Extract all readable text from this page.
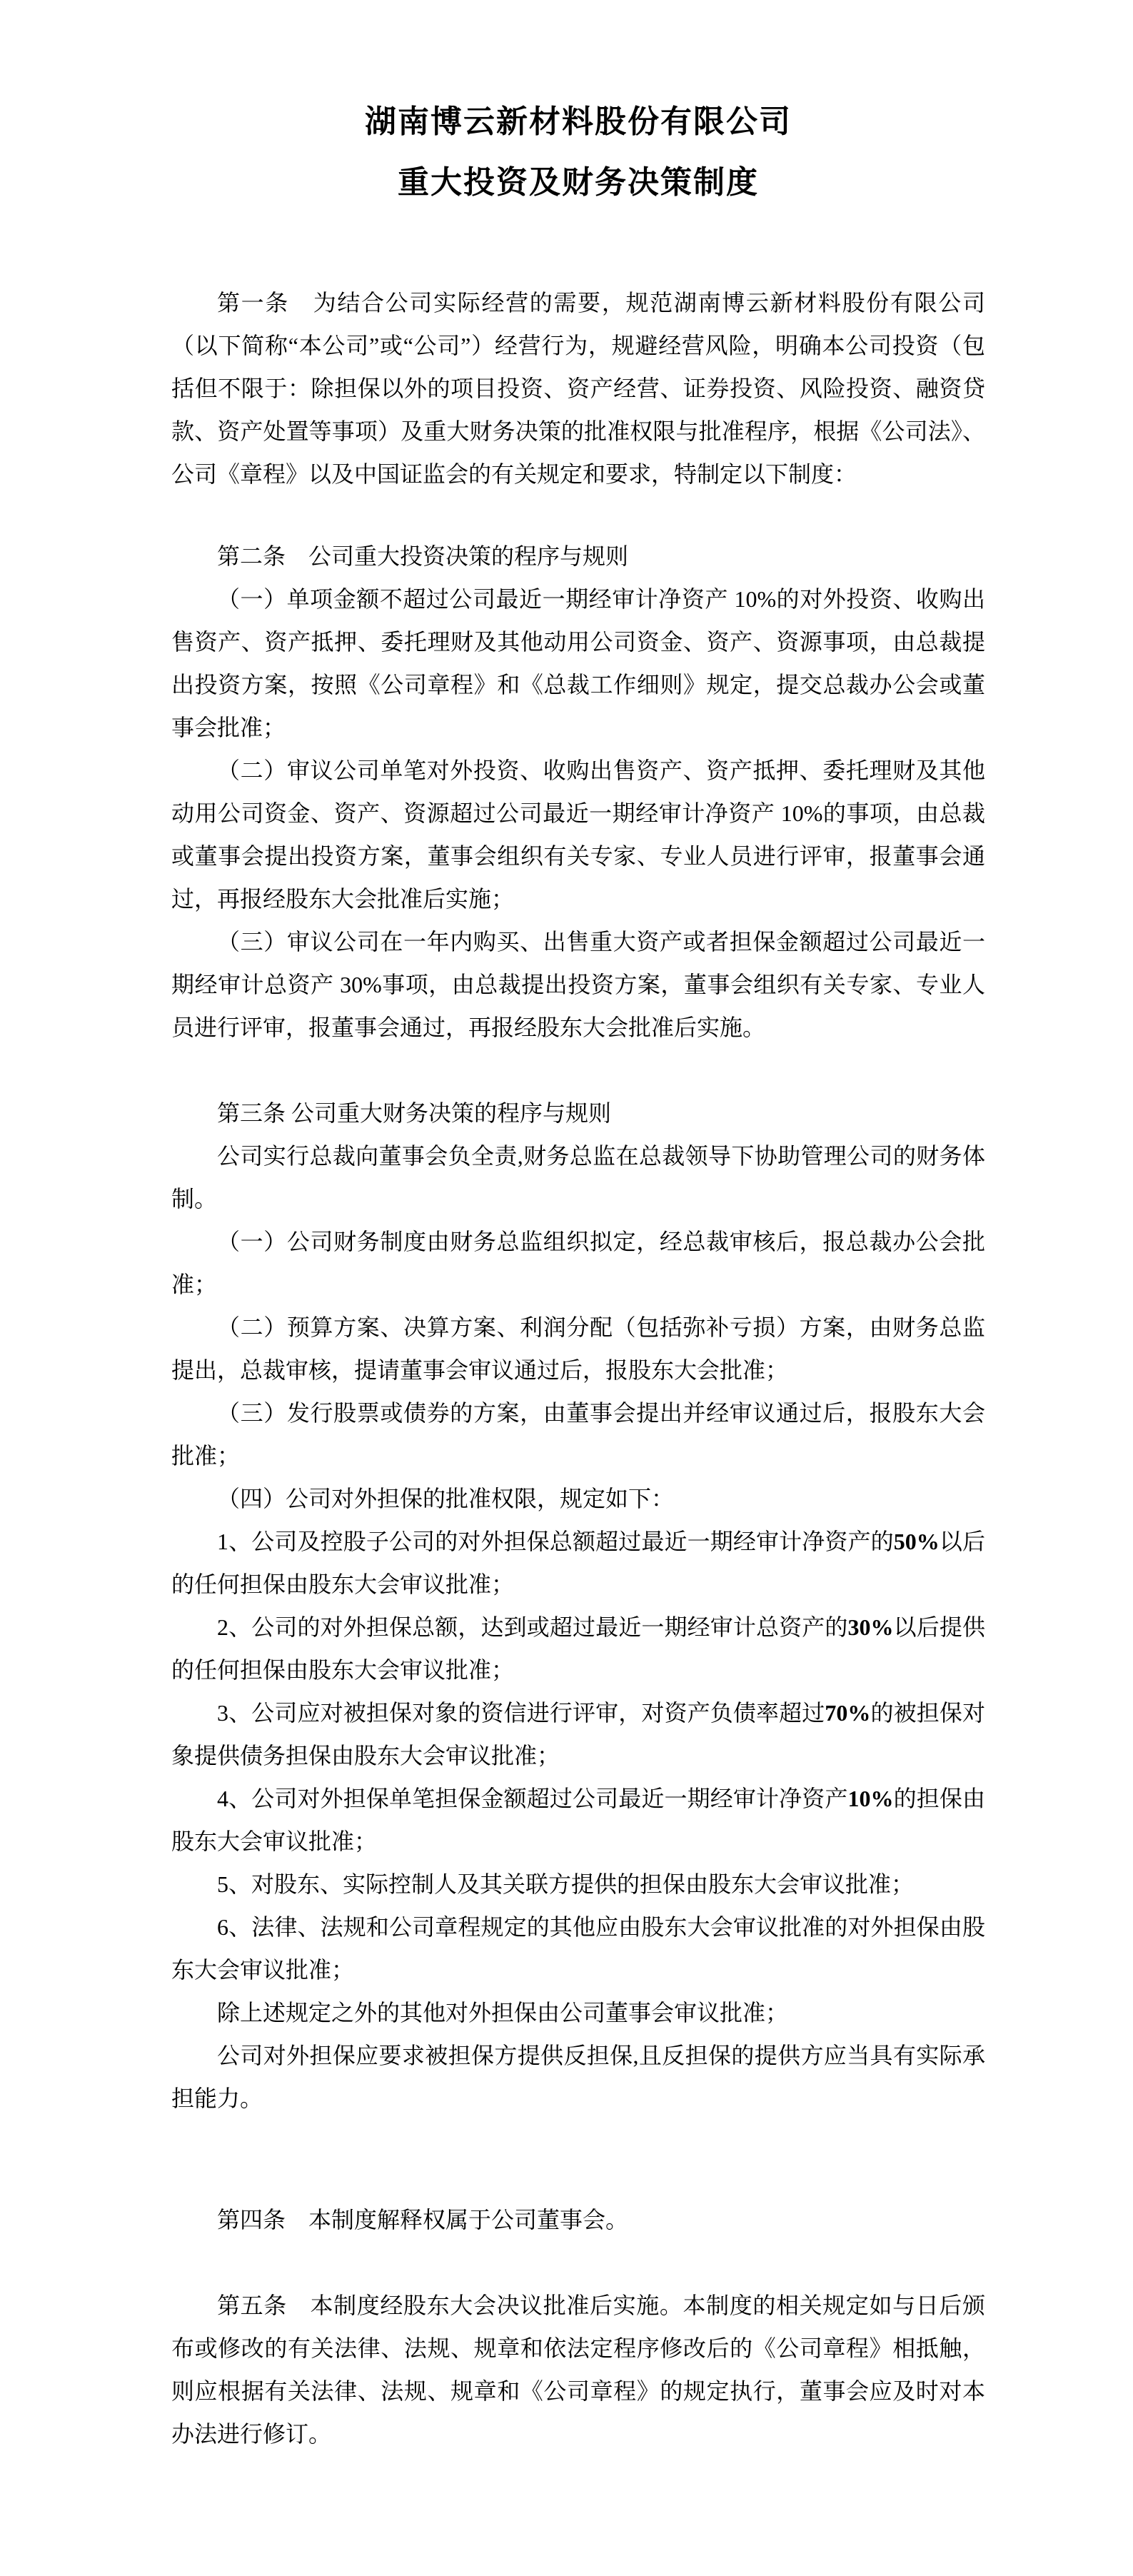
湖南博云新材料股份有限公司
重大投资及财务决策制度

第一条　为结合公司实际经营的需要，规范湖南博云新材料股份有限公司（以下简称“本公司”或“公司”）经营行为，规避经营风险，明确本公司投资（包括但不限于：除担保以外的项目投资、资产经营、证券投资、风险投资、融资贷款、资产处置等事项）及重大财务决策的批准权限与批准程序，根据《公司法》、公司《章程》以及中国证监会的有关规定和要求，特制定以下制度：

第二条　公司重大投资决策的程序与规则

（一）单项金额不超过公司最近一期经审计净资产 10%的对外投资、收购出售资产、资产抵押、委托理财及其他动用公司资金、资产、资源事项，由总裁提出投资方案，按照《公司章程》和《总裁工作细则》规定，提交总裁办公会或董事会批准；

（二）审议公司单笔对外投资、收购出售资产、资产抵押、委托理财及其他动用公司资金、资产、资源超过公司最近一期经审计净资产 10%的事项，由总裁或董事会提出投资方案，董事会组织有关专家、专业人员进行评审，报董事会通过，再报经股东大会批准后实施；

（三）审议公司在一年内购买、出售重大资产或者担保金额超过公司最近一期经审计总资产 30%事项，由总裁提出投资方案，董事会组织有关专家、专业人员进行评审，报董事会通过，再报经股东大会批准后实施。

第三条 公司重大财务决策的程序与规则

公司实行总裁向董事会负全责,财务总监在总裁领导下协助管理公司的财务体制。

（一）公司财务制度由财务总监组织拟定，经总裁审核后，报总裁办公会批准；

（二）预算方案、决算方案、利润分配（包括弥补亏损）方案，由财务总监提出，总裁审核，提请董事会审议通过后，报股东大会批准；

（三）发行股票或债券的方案，由董事会提出并经审议通过后，报股东大会批准；

（四）公司对外担保的批准权限，规定如下：

1、公司及控股子公司的对外担保总额超过最近一期经审计净资产的50%以后的任何担保由股东大会审议批准；

2、公司的对外担保总额，达到或超过最近一期经审计总资产的30%以后提供的任何担保由股东大会审议批准；

3、公司应对被担保对象的资信进行评审，对资产负债率超过70%的被担保对象提供债务担保由股东大会审议批准；

4、公司对外担保单笔担保金额超过公司最近一期经审计净资产10%的担保由股东大会审议批准；

5、对股东、实际控制人及其关联方提供的担保由股东大会审议批准；

6、法律、法规和公司章程规定的其他应由股东大会审议批准的对外担保由股东大会审议批准；

除上述规定之外的其他对外担保由公司董事会审议批准；

公司对外担保应要求被担保方提供反担保,且反担保的提供方应当具有实际承担能力。

第四条　本制度解释权属于公司董事会。

第五条　本制度经股东大会决议批准后实施。本制度的相关规定如与日后颁布或修改的有关法律、法规、规章和依法定程序修改后的《公司章程》相抵触，则应根据有关法律、法规、规章和《公司章程》的规定执行，董事会应及时对本办法进行修订。
